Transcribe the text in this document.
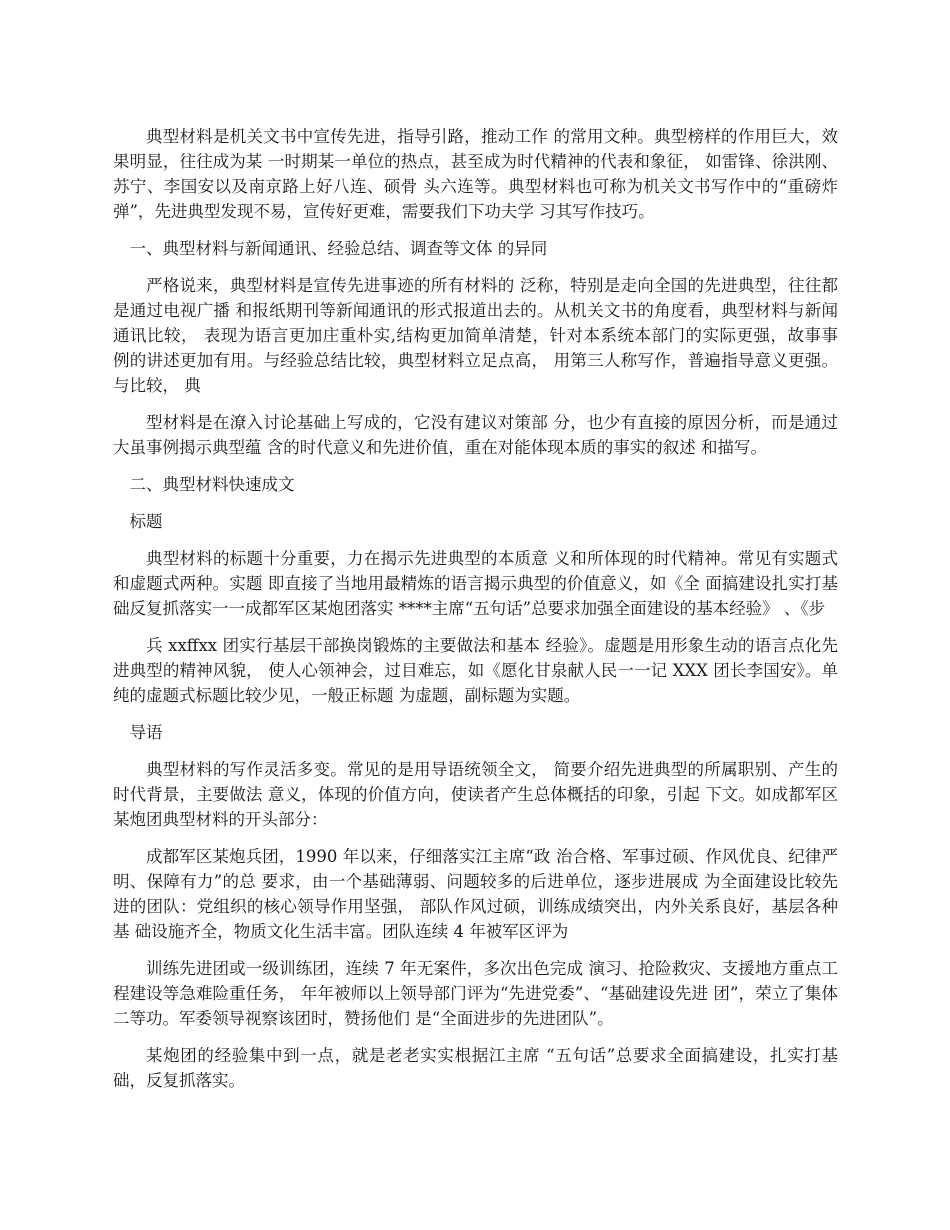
典型材料是机关文书中宣传先进，指导引路，推动工作 的常用文种。典型榜样的作用巨大，效果明显，往往成为某 一时期某一单位的热点，甚至成为时代精神的代表和象征， 如雷锋、徐洪刚、苏宁、李国安以及南京路上好八连、硕骨 头六连等。典型材料也可称为机关文书写作中的“重磅炸 弹”，先进典型发现不易，宣传好更难，需要我们下功夫学 习其写作技巧。

一、典型材料与新闻通讯、经验总结、调查等文体 的异同

严格说来，典型材料是宣传先进事迹的所有材料的 泛称，特别是走向全国的先进典型，往往都是通过电视广播 和报纸期刊等新闻通讯的形式报道出去的。从机关文书的角度看，典型材料与新闻通讯比较， 表现为语言更加庄重朴实,结构更加简单清楚，针对本系统本部门的实际更强，故事事 例的讲述更加有用。与经验总结比较，典型材料立足点高， 用第三人称写作，普遍指导意义更强。与比较， 典

型材料是在潦入讨论基础上写成的，它没有建议对策部 分，也少有直接的原因分析，而是通过大虽事例揭示典型蕴 含的时代意义和先进价值，重在对能体现本质的事实的叙述 和描写。

二、典型材料快速成文

标题

典型材料的标题十分重要，力在揭示先进典型的本质意 义和所体现的时代精神。常见有实题式和虚题式两种。实题 即直接了当地用最精炼的语言揭示典型的价值意义，如《全 面搞建设扎实打基础反复抓落实一一成都军区某炮团落实 ****主席“五句话”总要求加强全面建设的基本经验》 、《步

兵 xxffxx 团实行基层干部换岗锻炼的主要做法和基本 经验》。虚题是用形象生动的语言点化先进典型的精神风貌， 使人心领神会，过目难忘，如《愿化甘泉献人民一一记 XXX 团长李国安》。单纯的虚题式标题比较少见，一般正标题 为虚题，副标题为实题。

导语

典型材料的写作灵活多变。常见的是用导语统领全文， 简要介绍先进典型的所属职别、产生的时代背景，主要做法 意义，体现的价值方向，使读者产生总体概括的印象，引起 下文。如成都军区某炮团典型材料的开头部分：

成都军区某炮兵团，1990 年以来，仔细落实江主席“政 治合格、军事过硕、作风优良、纪律严明、保障有力”的总 要求，由一个基础薄弱、问题较多的后进单位，逐步进展成 为全面建设比较先进的团队：党组织的核心领导作用坚强， 部队作风过硕，训练成绩突出，内外关系良好，基层各种基 础设施齐全，物质文化生活丰富。团队连续 4 年被军区评为

训练先进团或一级训练团，连续 7 年无案件，多次出色完成 演习、抢险救灾、支援地方重点工程建设等急难险重任务， 年年被师以上领导部门评为“先进党委”、“基础建设先进 团”，荣立了集体二等功。军委领导视察该团时，赞扬他们 是“全面进步的先进团队”。

某炮团的经验集中到一点，就是老老实实根据江主席 “五句话”总要求全面搞建设，扎实打基础，反复抓落实。
